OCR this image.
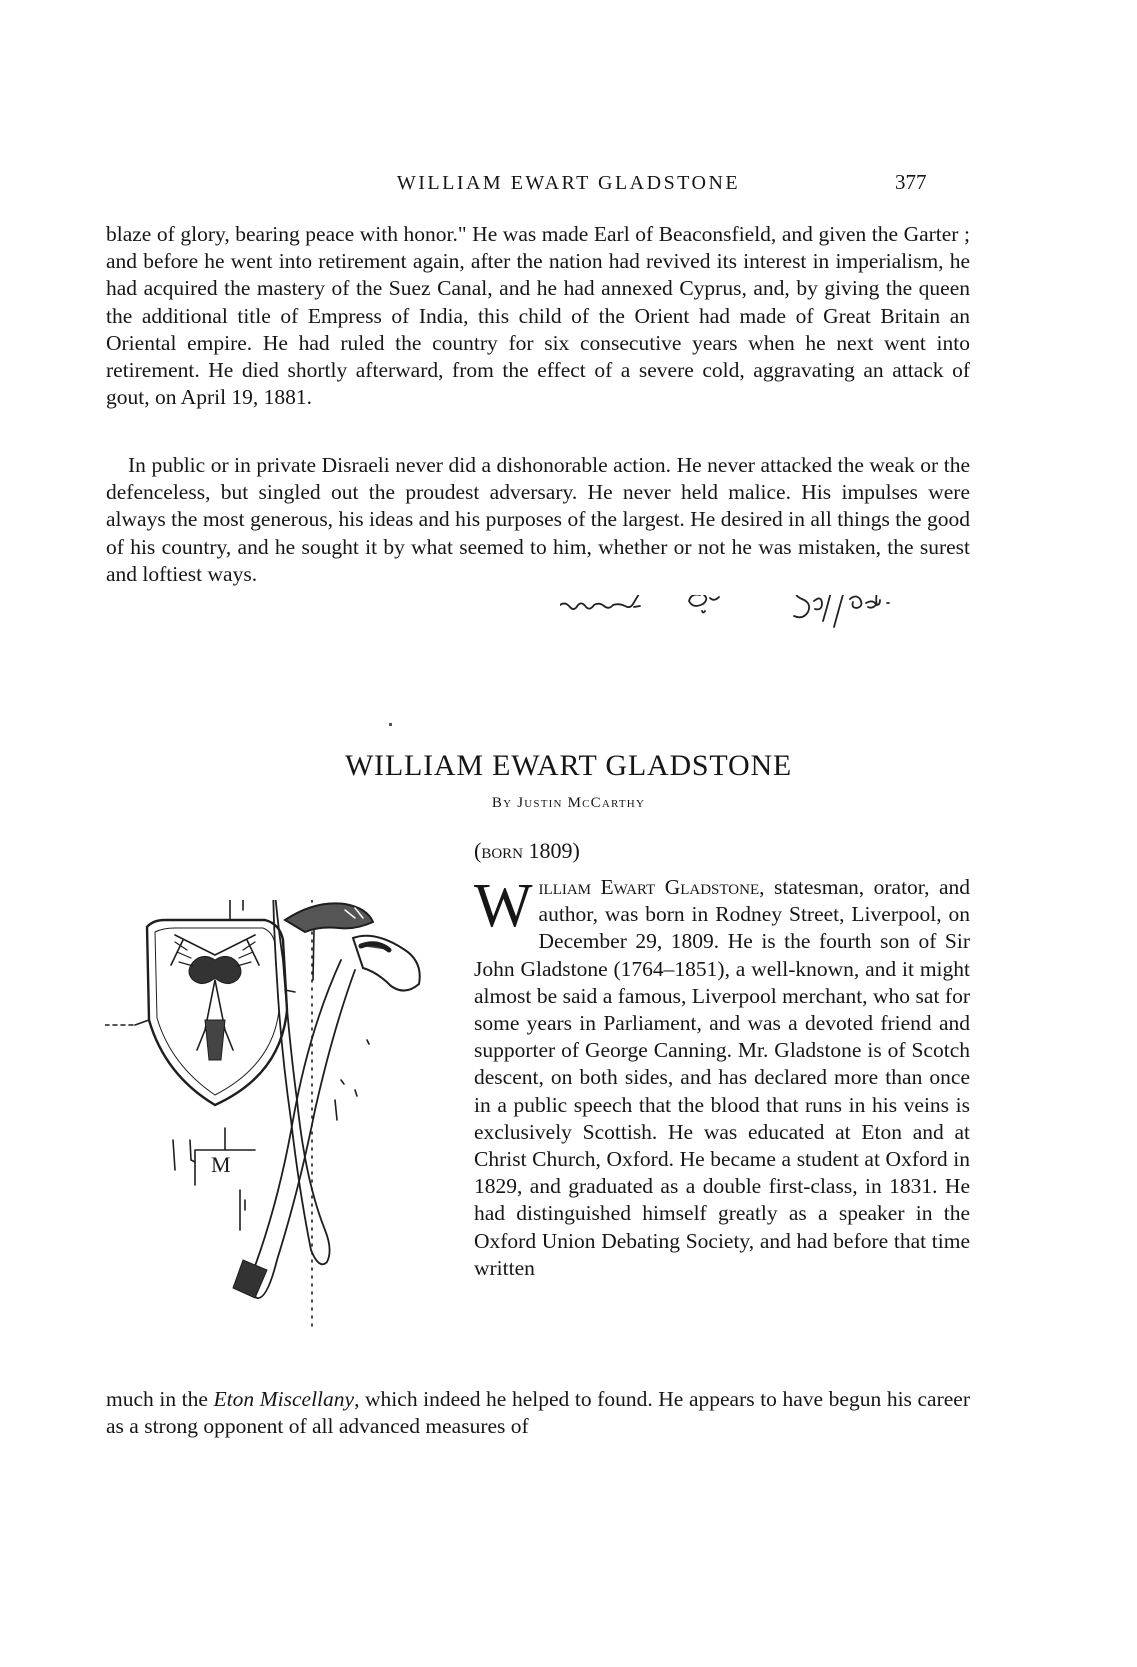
WILLIAM EWART GLADSTONE	377

blaze of glory, bearing peace with honor." He was made Earl of Beaconsfield, and given the Garter ; and before he went into retirement again, after the nation had revived its interest in imperialism, he had acquired the mastery of the Suez Canal, and he had annexed Cyprus, and, by giving the queen the additional title of Empress of India, this child of the Orient had made of Great Britain an Oriental empire. He had ruled the country for six consecutive years when he next went into retirement. He died shortly afterward, from the effect of a severe cold, aggravating an attack of gout, on April 19, 1881.

In public or in private Disraeli never did a dishonorable action. He never attacked the weak or the defenceless, but singled out the proudest adversary. He never held malice. His impulses were always the most generous, his ideas and his purposes of the largest. He desired in all things the good of his country, and he sought it by what seemed to him, whether or not he was mistaken, the surest and loftiest ways.

WILLIAM EWART GLADSTONE
By Justin McCarthy
(born 1809)
M

William Ewart Gladstone, statesman, orator, and author, was born in Rodney Street, Liverpool, on December 29, 1809. He is the fourth son of Sir John Gladstone (1764–1851), a well-known, and it might almost be said a famous, Liverpool merchant, who sat for some years in Parliament, and was a devoted friend and supporter of George Canning. Mr. Gladstone is of Scotch descent, on both sides, and has declared more than once in a public speech that the blood that runs in his veins is exclusively Scottish. He was educated at Eton and at Christ Church, Oxford. He became a student at Oxford in 1829, and graduated as a double first-class, in 1831. He had distinguished himself greatly as a speaker in the Oxford Union Debating Society, and had before that time written

much in the Eton Miscellany, which indeed he helped to found. He appears to have begun his career as a strong opponent of all advanced measures of
